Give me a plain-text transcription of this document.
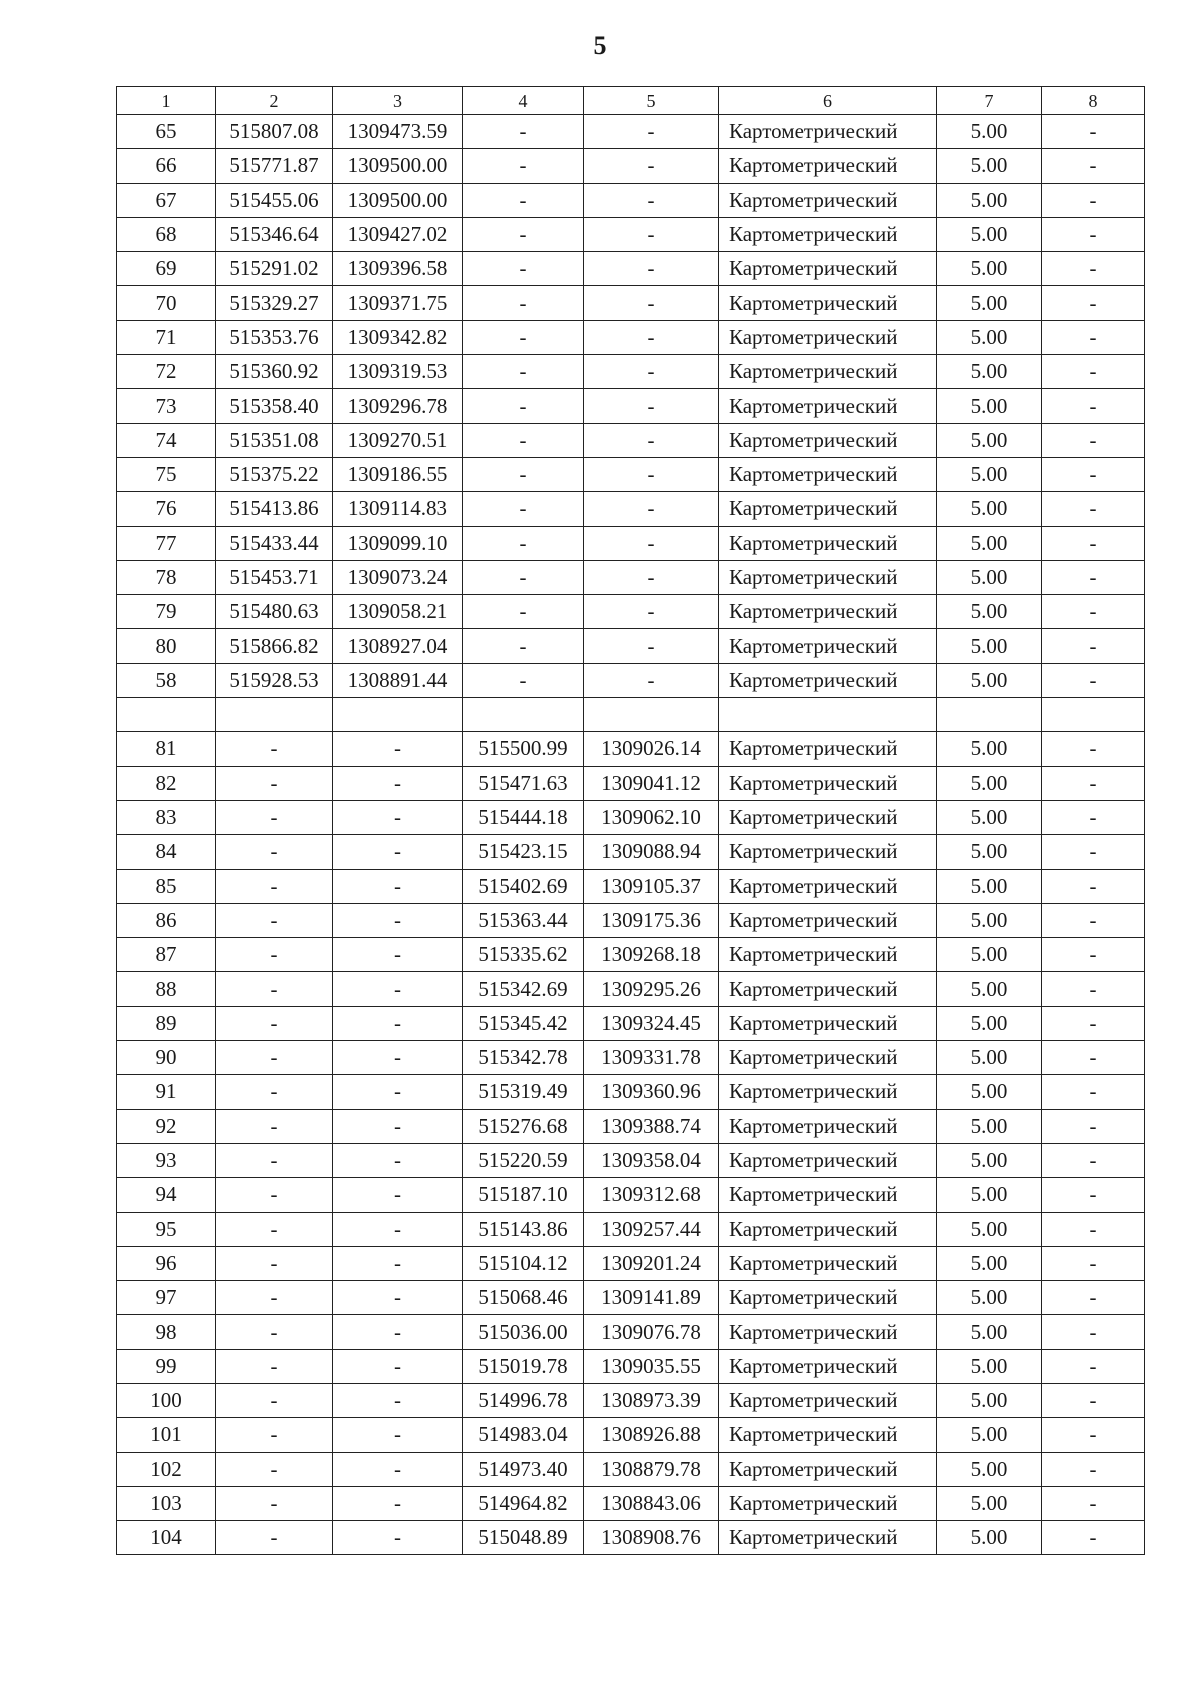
5
1	2	3	4	5	6	7	8
65	515807.08	1309473.59	-	-	Картометрический	5.00	-
66	515771.87	1309500.00	-	-	Картометрический	5.00	-
67	515455.06	1309500.00	-	-	Картометрический	5.00	-
68	515346.64	1309427.02	-	-	Картометрический	5.00	-
69	515291.02	1309396.58	-	-	Картометрический	5.00	-
70	515329.27	1309371.75	-	-	Картометрический	5.00	-
71	515353.76	1309342.82	-	-	Картометрический	5.00	-
72	515360.92	1309319.53	-	-	Картометрический	5.00	-
73	515358.40	1309296.78	-	-	Картометрический	5.00	-
74	515351.08	1309270.51	-	-	Картометрический	5.00	-
75	515375.22	1309186.55	-	-	Картометрический	5.00	-
76	515413.86	1309114.83	-	-	Картометрический	5.00	-
77	515433.44	1309099.10	-	-	Картометрический	5.00	-
78	515453.71	1309073.24	-	-	Картометрический	5.00	-
79	515480.63	1309058.21	-	-	Картометрический	5.00	-
80	515866.82	1308927.04	-	-	Картометрический	5.00	-
58	515928.53	1308891.44	-	-	Картометрический	5.00	-

81	-	-	515500.99	1309026.14	Картометрический	5.00	-
82	-	-	515471.63	1309041.12	Картометрический	5.00	-
83	-	-	515444.18	1309062.10	Картометрический	5.00	-
84	-	-	515423.15	1309088.94	Картометрический	5.00	-
85	-	-	515402.69	1309105.37	Картометрический	5.00	-
86	-	-	515363.44	1309175.36	Картометрический	5.00	-
87	-	-	515335.62	1309268.18	Картометрический	5.00	-
88	-	-	515342.69	1309295.26	Картометрический	5.00	-
89	-	-	515345.42	1309324.45	Картометрический	5.00	-
90	-	-	515342.78	1309331.78	Картометрический	5.00	-
91	-	-	515319.49	1309360.96	Картометрический	5.00	-
92	-	-	515276.68	1309388.74	Картометрический	5.00	-
93	-	-	515220.59	1309358.04	Картометрический	5.00	-
94	-	-	515187.10	1309312.68	Картометрический	5.00	-
95	-	-	515143.86	1309257.44	Картометрический	5.00	-
96	-	-	515104.12	1309201.24	Картометрический	5.00	-
97	-	-	515068.46	1309141.89	Картометрический	5.00	-
98	-	-	515036.00	1309076.78	Картометрический	5.00	-
99	-	-	515019.78	1309035.55	Картометрический	5.00	-
100	-	-	514996.78	1308973.39	Картометрический	5.00	-
101	-	-	514983.04	1308926.88	Картометрический	5.00	-
102	-	-	514973.40	1308879.78	Картометрический	5.00	-
103	-	-	514964.82	1308843.06	Картометрический	5.00	-
104	-	-	515048.89	1308908.76	Картометрический	5.00	-
